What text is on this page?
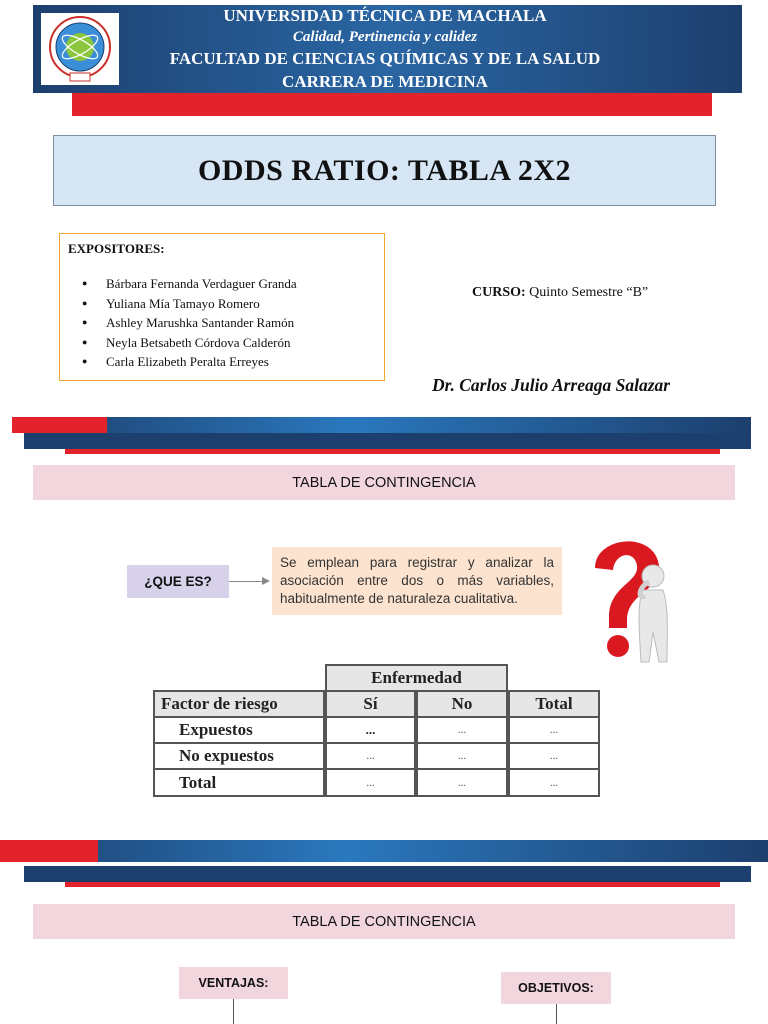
UNIVERSIDAD TÉCNICA DE MACHALA
Calidad, Pertinencia y calidez
FACULTAD DE CIENCIAS QUÍMICAS Y DE LA SALUD
CARRERA DE MEDICINA
ODDS RATIO: TABLA 2X2
EXPOSITORES:
● Bárbara Fernanda Verdaguer Granda
● Yuliana Mía Tamayo Romero
● Ashley Marushka Santander Ramón
● Neyla Betsabeth Córdova Calderón
● Carla Elizabeth Peralta Erreyes
CURSO: Quinto Semestre “B”
Dr. Carlos Julio Arreaga Salazar
TABLA DE CONTINGENCIA
¿QUE ES?
Se emplean para registrar y analizar la asociación entre dos o más variables, habitualmente de naturaleza cualitativa.
Enfermedad
Factor de riesgo	Sí	No	Total
Expuestos	...	...	...
No expuestos	...	...	...
Total	...	...	...
TABLA DE CONTINGENCIA
VENTAJAS:	OBJETIVOS:
